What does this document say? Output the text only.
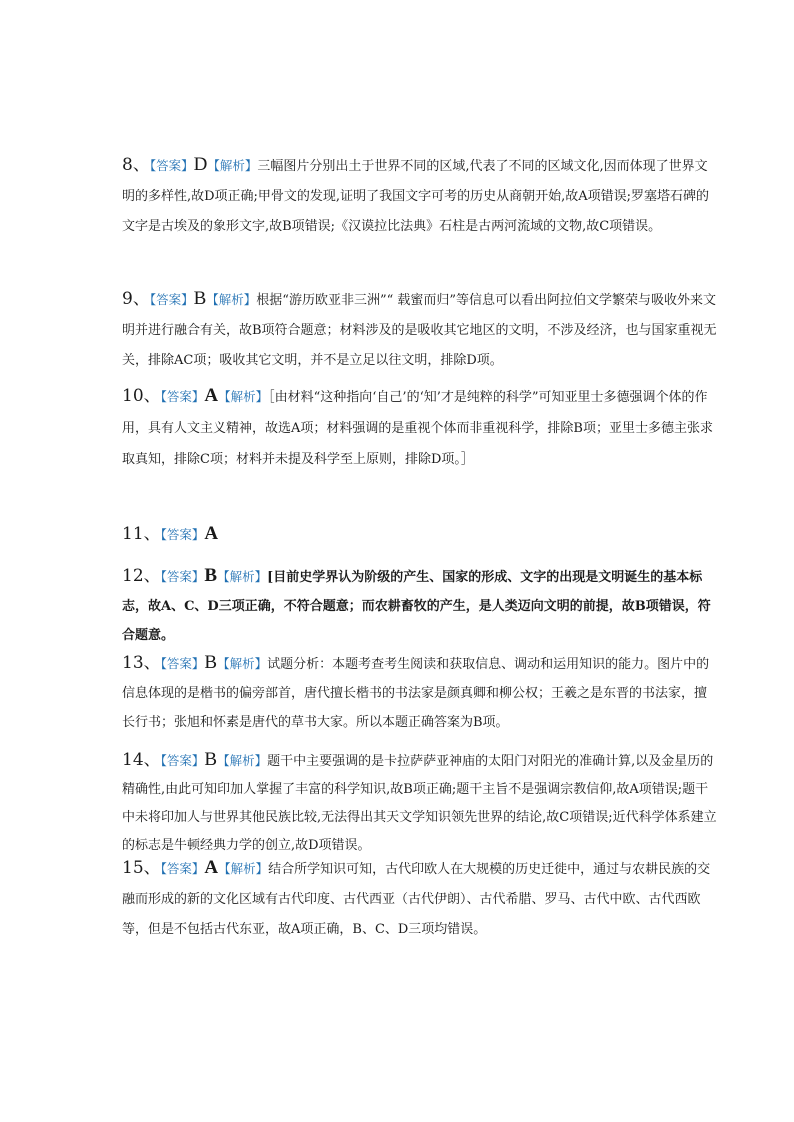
8、【答案】D【解析】三幅图片分别出土于世界不同的区域,代表了不同的区域文化,因而体现了世界文明的多样性,故D项正确;甲骨文的发现,证明了我国文字可考的历史从商朝开始,故A项错误;罗塞塔石碑的文字是古埃及的象形文字,故B项错误;《汉谟拉比法典》石柱是古两河流域的文物,故C项错误。

9、【答案】B【解析】根据“游历欧亚非三洲”“ 载蜜而归”等信息可以看出阿拉伯文学繁荣与吸收外来文明并进行融合有关，故B项符合题意；材料涉及的是吸收其它地区的文明，不涉及经济，也与国家重视无关，排除AC项；吸收其它文明，并不是立足以往文明，排除D项。

10、【答案】A【解析】［由材料“这种指向‘自己’的‘知’才是纯粹的科学”可知亚里士多德强调个体的作用，具有人文主义精神，故选A项；材料强调的是重视个体而非重视科学，排除B项；亚里士多德主张求取真知，排除C项；材料并未提及科学至上原则，排除D项。］

11、【答案】A

12、【答案】B【解析】[目前史学界认为阶级的产生、国家的形成、文字的出现是文明诞生的基本标志，故A、C、D三项正确，不符合题意；而农耕畜牧的产生，是人类迈向文明的前提，故B项错误，符合题意。

13、【答案】B【解析】试题分析：本题考查考生阅读和获取信息、调动和运用知识的能力。图片中的信息体现的是楷书的偏旁部首，唐代擅长楷书的书法家是颜真卿和柳公权；王羲之是东晋的书法家，擅长行书；张旭和怀素是唐代的草书大家。所以本题正确答案为B项。

14、【答案】B【解析】题干中主要强调的是卡拉萨萨亚神庙的太阳门对阳光的准确计算,以及金星历的精确性,由此可知印加人掌握了丰富的科学知识,故B项正确;题干主旨不是强调宗教信仰,故A项错误;题干中未将印加人与世界其他民族比较,无法得出其天文学知识领先世界的结论,故C项错误;近代科学体系建立的标志是牛顿经典力学的创立,故D项错误。

15、【答案】A【解析】结合所学知识可知，古代印欧人在大规模的历史迁徙中，通过与农耕民族的交融而形成的新的文化区域有古代印度、古代西亚（古代伊朗）、古代希腊、罗马、古代中欧、古代西欧等，但是不包括古代东亚，故A项正确，B、C、D三项均错误。
